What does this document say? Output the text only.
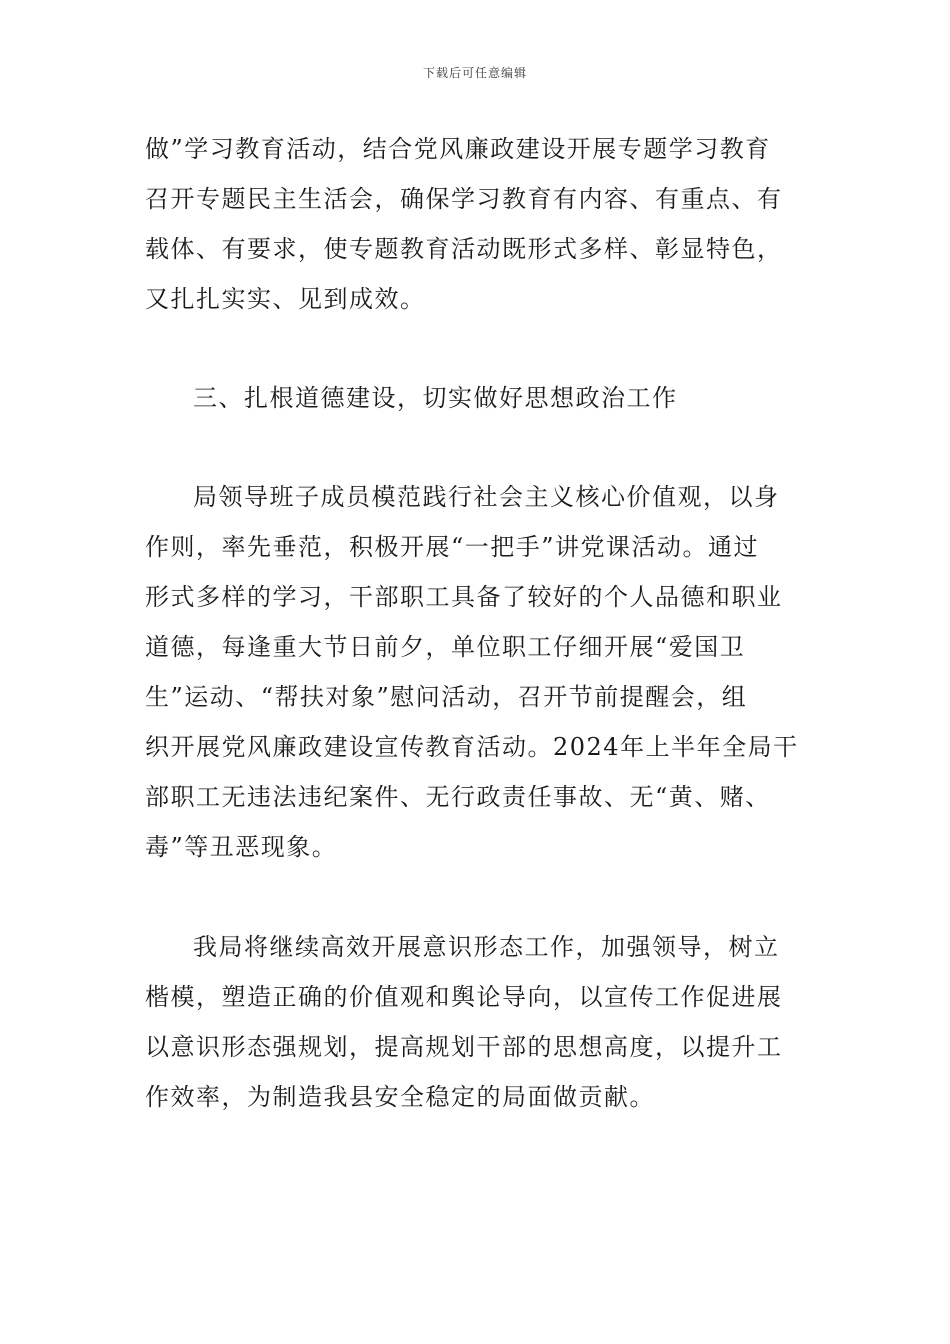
下载后可任意编辑
做”学习教育活动，结合党风廉政建设开展专题学习教育
召开专题民主生活会，确保学习教育有内容、有重点、有
载体、有要求，使专题教育活动既形式多样、彰显特色，
又扎扎实实、见到成效。
三、扎根道德建设，切实做好思想政治工作
局领导班子成员模范践行社会主义核心价值观，以身
作则，率先垂范，积极开展“一把手”讲党课活动。通过
形式多样的学习，干部职工具备了较好的个人品德和职业
道德，每逢重大节日前夕，单位职工仔细开展“爱国卫
生”运动、“帮扶对象”慰问活动，召开节前提醒会，组
织开展党风廉政建设宣传教育活动。2024年上半年全局干
部职工无违法违纪案件、无行政责任事故、无“黄、赌、
毒”等丑恶现象。
我局将继续高效开展意识形态工作，加强领导，树立
楷模，塑造正确的价值观和舆论导向，以宣传工作促进展
以意识形态强规划，提高规划干部的思想高度，以提升工
作效率，为制造我县安全稳定的局面做贡献。
